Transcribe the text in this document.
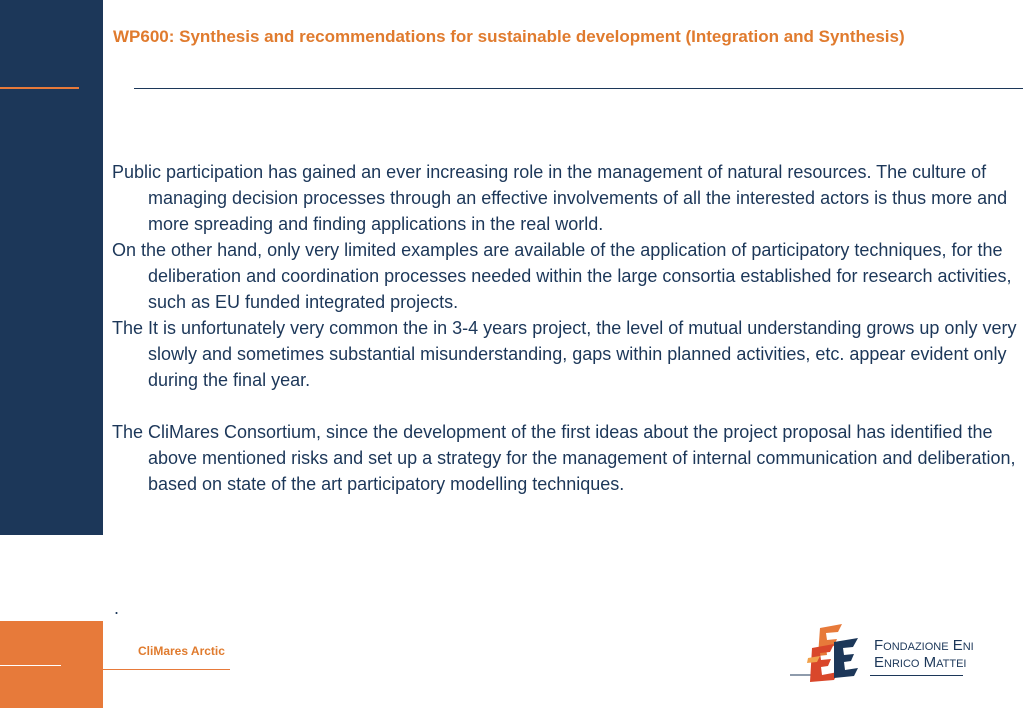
WP600: Synthesis and recommendations for sustainable development (Integration and Synthesis)

Public participation has gained an ever increasing role in the management of natural resources. The culture of managing decision processes through an effective involvements of all the interested actors is thus more and more spreading and finding applications in the real world.

On the other hand, only very limited examples are available of the application of participatory techniques, for the deliberation and coordination processes needed within the large consortia established for research activities, such as EU funded integrated projects.

The It is unfortunately very common the in 3-4 years project, the level of mutual understanding grows up only very slowly and sometimes substantial misunderstanding, gaps within planned activities, etc. appear evident only during the final year.

The CliMares Consortium, since the development of the first ideas about the project proposal has identified the above mentioned risks and set up a strategy for the management of internal communication and deliberation, based on state of the art participatory modelling techniques.

.
CliMares Arctic	Fondazione Eni
Enrico Mattei
